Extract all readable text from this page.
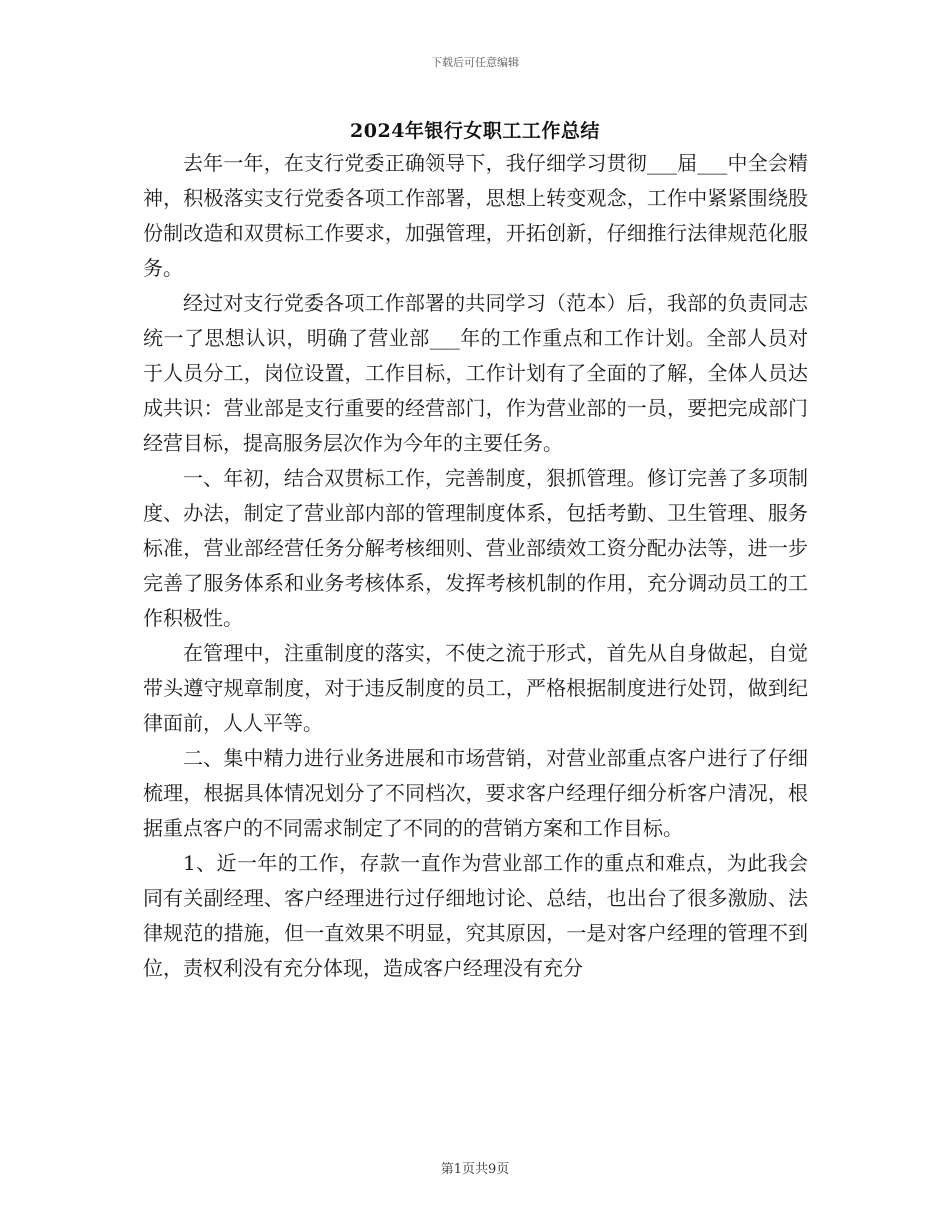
下载后可任意编辑
2024年银行女职工工作总结

去年一年，在支行党委正确领导下，我仔细学习贯彻___届___中全会精神，积极落实支行党委各项工作部署，思想上转变观念，工作中紧紧围绕股份制改造和双贯标工作要求，加强管理，开拓创新，仔细推行法律规范化服务。

经过对支行党委各项工作部署的共同学习（范本）后，我部的负责同志统一了思想认识，明确了营业部___年的工作重点和工作计划。全部人员对于人员分工，岗位设置，工作目标，工作计划有了全面的了解，全体人员达成共识：营业部是支行重要的经营部门，作为营业部的一员，要把完成部门经营目标，提高服务层次作为今年的主要任务。

一、年初，结合双贯标工作，完善制度，狠抓管理。修订完善了多项制度、办法，制定了营业部内部的管理制度体系，包括考勤、卫生管理、服务标准，营业部经营任务分解考核细则、营业部绩效工资分配办法等，进一步完善了服务体系和业务考核体系，发挥考核机制的作用，充分调动员工的工作积极性。

在管理中，注重制度的落实，不使之流于形式，首先从自身做起，自觉带头遵守规章制度，对于违反制度的员工，严格根据制度进行处罚，做到纪律面前，人人平等。

二、集中精力进行业务进展和市场营销，对营业部重点客户进行了仔细梳理，根据具体情况划分了不同档次，要求客户经理仔细分析客户清况，根据重点客户的不同需求制定了不同的的营销方案和工作目标。

1、近一年的工作，存款一直作为营业部工作的重点和难点，为此我会同有关副经理、客户经理进行过仔细地讨论、总结，也出台了很多激励、法律规范的措施，但一直效果不明显，究其原因，一是对客户经理的管理不到位，责权利没有充分体现，造成客户经理没有充分

第1页共9页
